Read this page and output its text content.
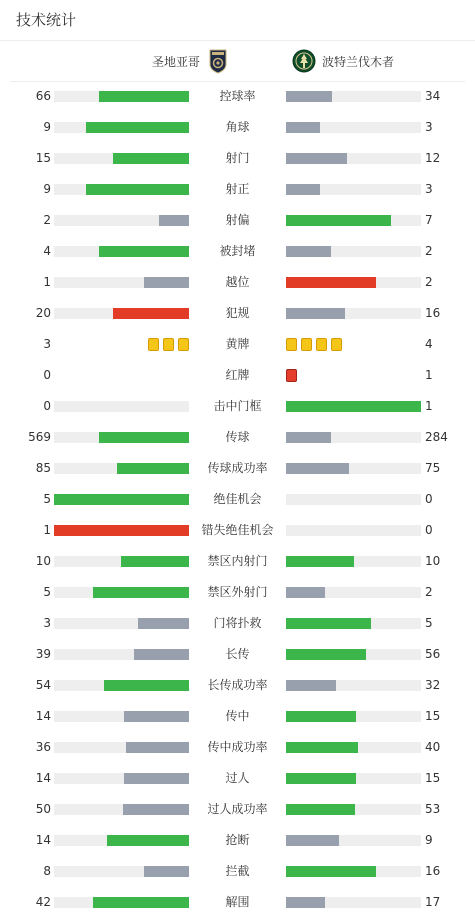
技术统计
圣地亚哥	波特兰伐木者
66	控球率	34
9	角球	3
15	射门	12
9	射正	3
2	射偏	7
4	被封堵	2
1	越位	2
20	犯规	16
3	黄牌	4
0	红牌	1
0	击中门框	1
569	传球	284
85	传球成功率	75
5	绝佳机会	0
1	错失绝佳机会	0
10	禁区内射门	10
5	禁区外射门	2
3	门将扑救	5
39	长传	56
54	长传成功率	32
14	传中	15
36	传中成功率	40
14	过人	15
50	过人成功率	53
14	抢断	9
8	拦截	16
42	解围	17
